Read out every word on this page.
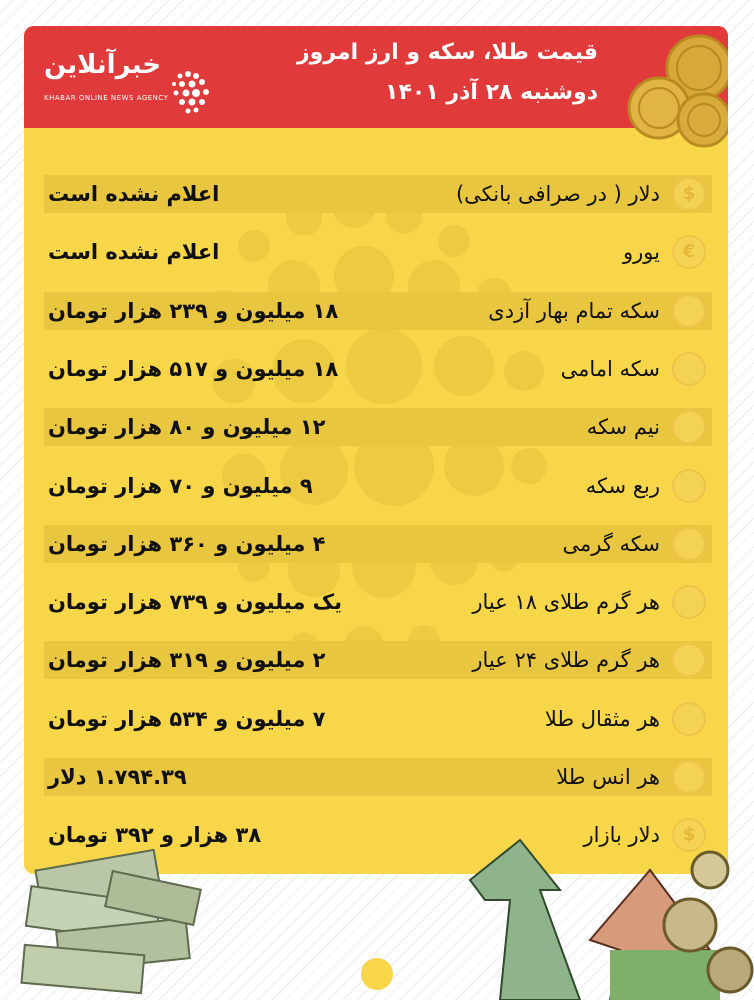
خبرآنلاین
KHABAR ONLINE NEWS AGENCY
قیمت طلا، سکه و ارز امروز
دوشنبه ۲۸ آذر ۱۴۰۱
$
دلار ( در صرافی بانکی)
اعلام نشده است
€
یورو
اعلام نشده است
سکه تمام بهار آزدی
۱۸ میلیون و ۲۳۹ هزار تومان
سکه امامی
۱۸ میلیون و ۵۱۷ هزار تومان
نیم سکه
۱۲ میلیون و ۸۰ هزار تومان
ربع سکه
۹ میلیون و ۷۰ هزار تومان
سکه گرمی
۴ میلیون و ۳۶۰ هزار تومان
هر گرم طلای ۱۸ عیار
یک میلیون و ۷۳۹ هزار تومان
هر گرم طلای ۲۴ عیار
۲ میلیون و ۳۱۹ هزار تومان
هر مثقال طلا
۷ میلیون و ۵۳۴ هزار تومان
هر انس طلا
۱.۷۹۴.۳۹ دلار
$
دلار بازار
۳۸ هزار و ۳۹۲ تومان
